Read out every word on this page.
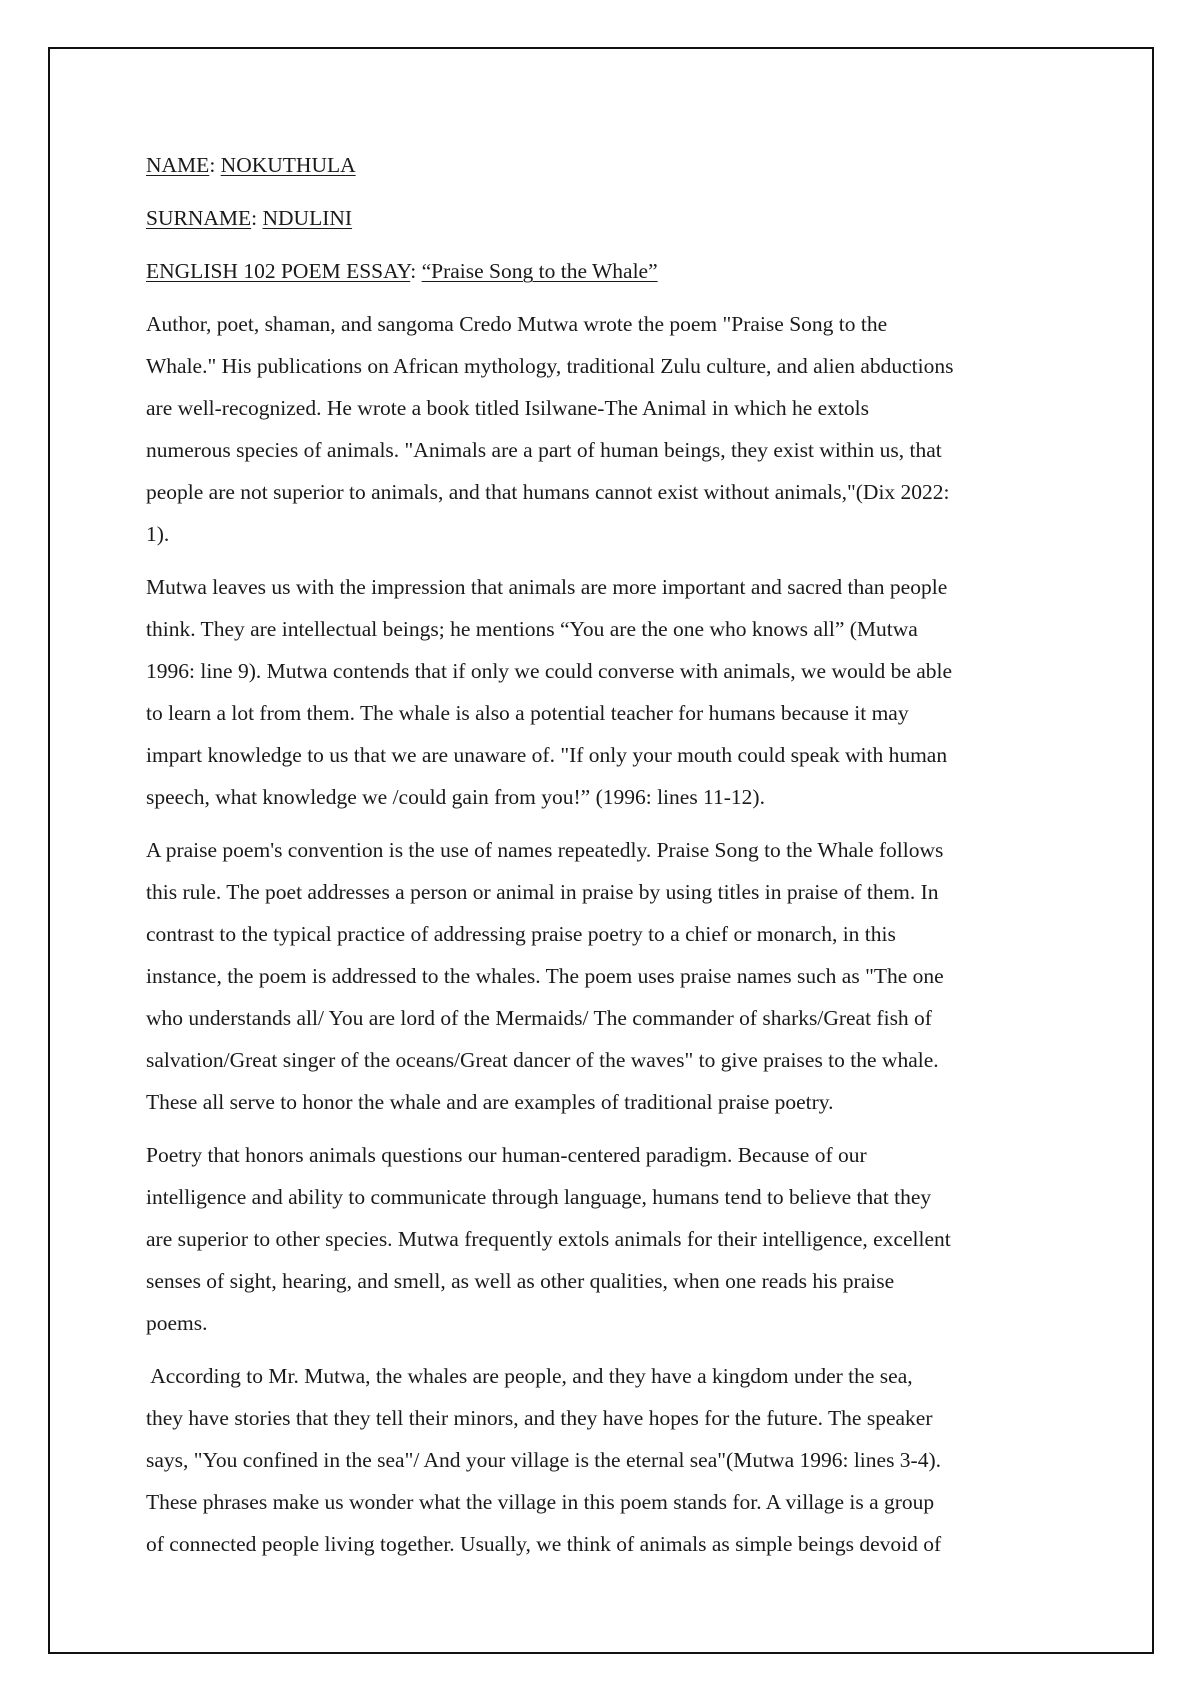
NAME: NOKUTHULA
SURNAME: NDULINI
ENGLISH 102 POEM ESSAY: “Praise Song to the Whale”
Author, poet, shaman, and sangoma Credo Mutwa wrote the poem "Praise Song to the
Whale." His publications on African mythology, traditional Zulu culture, and alien abductions
are well-recognized. He wrote a book titled Isilwane-The Animal in which he extols
numerous species of animals. "Animals are a part of human beings, they exist within us, that
people are not superior to animals, and that humans cannot exist without animals,"(Dix 2022:
1).
Mutwa leaves us with the impression that animals are more important and sacred than people
think. They are intellectual beings; he mentions “You are the one who knows all” (Mutwa
1996: line 9). Mutwa contends that if only we could converse with animals, we would be able
to learn a lot from them. The whale is also a potential teacher for humans because it may
impart knowledge to us that we are unaware of. "If only your mouth could speak with human
speech, what knowledge we /could gain from you!” (1996: lines 11-12).
A praise poem's convention is the use of names repeatedly. Praise Song to the Whale follows
this rule. The poet addresses a person or animal in praise by using titles in praise of them. In
contrast to the typical practice of addressing praise poetry to a chief or monarch, in this
instance, the poem is addressed to the whales. The poem uses praise names such as "The one
who understands all/ You are lord of the Mermaids/ The commander of sharks/Great fish of
salvation/Great singer of the oceans/Great dancer of the waves" to give praises to the whale.
These all serve to honor the whale and are examples of traditional praise poetry.
Poetry that honors animals questions our human-centered paradigm. Because of our
intelligence and ability to communicate through language, humans tend to believe that they
are superior to other species. Mutwa frequently extols animals for their intelligence, excellent
senses of sight, hearing, and smell, as well as other qualities, when one reads his praise
poems.
According to Mr. Mutwa, the whales are people, and they have a kingdom under the sea,
they have stories that they tell their minors, and they have hopes for the future. The speaker
says, "You confined in the sea"/ And your village is the eternal sea"(Mutwa 1996: lines 3-4).
These phrases make us wonder what the village in this poem stands for. A village is a group
of connected people living together. Usually, we think of animals as simple beings devoid of
